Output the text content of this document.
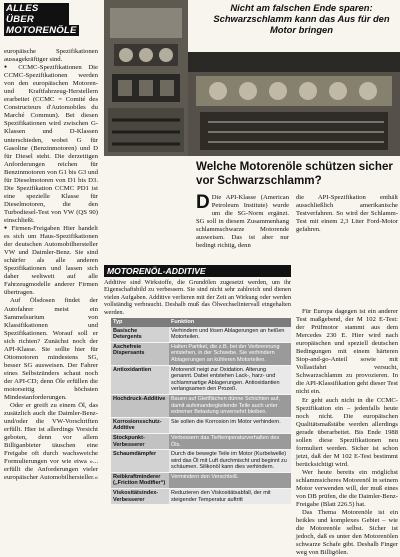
ALLES ÜBER MOTORENÖLE

europäische Spezifikationen aussagekräftiger sind.

● CCMC-Spezifikationen Die CCMC-Spezifikationen werden von den europäischen Motoren- und Kraftfahrzeug-Herstellern erarbeitet (CCMC = Comité des Constructeurs d'Automobiles du Marché Commun). Bei diesen Spezifikationen wird zwischen G-Klassen und D-Klassen unterschieden, wobei G für Gasoline (Benzinmotoren) und D für Diesel steht. Die derzeitigen Anforderungen reichen für Benzinmotoren von G1 bis G3 und für Dieselmotoren von D1 bis D3. Die Spezifikation CCMC PD1 ist eine spezielle Klasse für Dieselmotoren, die den Turbodiesel-Test von VW (QS 90) einschließt.

● Firmen-Freigaben Hier handelt es sich um Haus-Spezifikationen der deutschen Automobilhersteller VW und Daimler-Benz. Sie sind schärfer als alle anderen Spezifikationen und lassen sich daher weltweit auf alle Fahrzeugmodelle anderer Firmen übertragen.

Auf Ölsdosen findet der Autofahrer meist ein Sammelsurium von Klassifikationen und Spezifikationen. Worauf soll er sich richten? Zunächst noch der API-Klasse. Sie sollte hier für Ottomotoren mindestens SG, besser SG ausweisen. Der Fahrer eines Selbstzünders schaut noch der API-CD; denn Öle erfüllen die motorseitig höchsten Mindestanforderungen.

Oder er greift zu einem Öl, das zusätzlich auch die Daimler-Benz- und/oder die VW-Vorschriften erfüllt. Hier ist allerdings Vorsicht geboten, denn vor allem Billiganbieter täuschen eine Freigabe oft durch wachsweiche Formulierungen vor wie etwa »... erfüllt die Anforderungen vieler europäischer Automobilhersteller.«

Nicht am falschen Ende sparen: Schwarzschlamm kann das Aus für den Motor bringen
Welche Motorenöle schützen sicher vor Schwarzschlamm?
D Die API-Klasse (American Petroleum Institute) wurde um die SG-Norm ergänzt. SG soll in diesem Zusammenhang schlammschwarze Motorende ausweisen. Das ist aber nur bedingt richtig, denn
die API-Spezifikation enthält ausschließlich amerikanische Testverfahren. So wird der Schlamm-Test mit einem 2,3 Liter Ford-Motor gefahren.

Für Europa dagegen ist ein anderer Test maßgebend, der M 102 E-Test: der Prüfmotor stammt aus dem Mercedes 230 E. Hier wird nach europäischen und speziell deutschen Bedingungen mit einem härteren Stop-and-go-Anteil sowie mit Vollastfahrt versucht, Schwarzschlamm zu provozieren. In die API-Klassifikation geht dieser Test nicht ein.

Er geht auch nicht in die CCMC-Spezifikation ein – jedenfalls heute noch nicht. Die europäischen Qualitätsmaßstäbe werden allerdings gerade überarbeitet. Bis Ende 1988 sollen diese Spezifikationen neu formuliert werden. Sicher ist schon jetzt, daß der M 102 E-Test bestimmt berücksichtigt wird.

Wer heute bereits ein möglichst schlammsicheres Motorenöl in seinem Motor verwenden will, der muß eines von DB prüfen, die die Daimler-Benz-Freigabe (Blatt 226.5) hat.

Das Thema Motorenöle ist ein heikles und komplexes Gebiet – wie die Motorenöle selbst. Sicher ist jedoch, daß es unter den Motorenölen schwarze Schafe gibt. Deshalb Finger weg von Billigölen.

MOTORENÖL-ADDITIVE
Additive sind Wirkstoffe, die Grundölen zugesetzt werden, um ihr Eigenschaftsbild zu verbessern. Sie sind nicht sehr zahlreich und dienen vielen Aufgaben. Additive verlieren mit der Zeit an Wirkung oder werden vollständig verbraucht. Deshalb muß das Ölwechselintervall eingehalten werden.
Typ	Funktion
Basische Detergents	Verhindern und lösen Ablagerungen an heißen Motorteilen.
Aschefreie Dispersants	Halten Partikel, die z.B. bei der Verbrennung entstehen, in der Schwebe. Sie verhindern Ablagerungen an kühleren Motorteilen.
Antioxidantien	Motorenöl neigt zur Oxidation. Alterung genannt. Dabei entstehen Lack-, harz- und schlammartige Ablagerungen. Antioxidantien verlangsamen den Prozeß.
Hochdruck-Additive	Bauen auf Gleitflächen dünne Schichten auf, damit aufeinandergleitende Teile auch unter extremer Belastung unversehrt bleiben.
Korrosionsschutz-Additive	Sie sollen die Korrosion im Motor verhindern.
Stockpunkt-Verbesserer	Verbessern das Tieftemperaturverhalten des Öls.
Schaumdämpfer	Durch die bewegte Teile im Motor (Kurbelwelle) wird das Öl mit Luft durchmischt und beginnt zu schäumen. Silikonöl kann dies verhindern.
Reibkraftminderer („Friction Modifier“)	Vermindern den Verschleiß.
Viskositätsindex-Verbesserer	Reduzieren den Viskositätsabfall, der mit steigender Temperatur auftritt
